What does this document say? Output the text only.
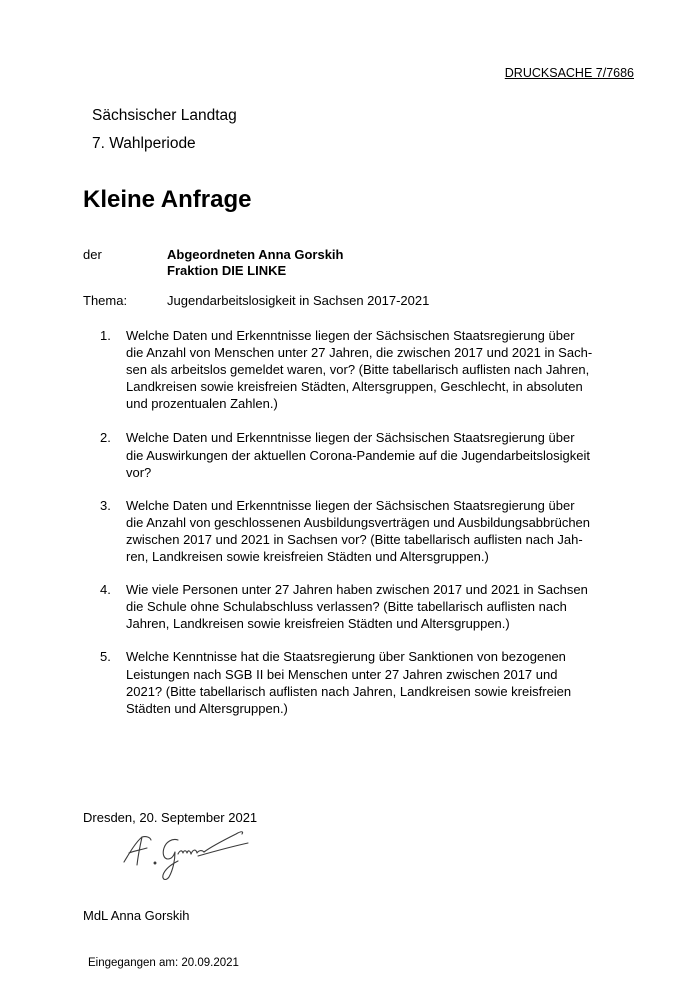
DRUCKSACHE 7/7686
Sächsischer Landtag
7. Wahlperiode
Kleine Anfrage
der	Abgeordneten Anna Gorskih
Fraktion DIE LINKE
Thema:	Jugendarbeitslosigkeit in Sachsen 2017-2021
1.	Welche Daten und Erkenntnisse liegen der Sächsischen Staatsregierung über
die Anzahl von Menschen unter 27 Jahren, die zwischen 2017 und 2021 in Sach-
sen als arbeitslos gemeldet waren, vor? (Bitte tabellarisch auflisten nach Jahren,
Landkreisen sowie kreisfreien Städten, Altersgruppen, Geschlecht, in absoluten
und prozentualen Zahlen.)
2.	Welche Daten und Erkenntnisse liegen der Sächsischen Staatsregierung über
die Auswirkungen der aktuellen Corona-Pandemie auf die Jugendarbeitslosigkeit
vor?
3.	Welche Daten und Erkenntnisse liegen der Sächsischen Staatsregierung über
die Anzahl von geschlossenen Ausbildungsverträgen und Ausbildungsabbrüchen
zwischen 2017 und 2021 in Sachsen vor? (Bitte tabellarisch auflisten nach Jah-
ren, Landkreisen sowie kreisfreien Städten und Altersgruppen.)
4.	Wie viele Personen unter 27 Jahren haben zwischen 2017 und 2021 in Sachsen
die Schule ohne Schulabschluss verlassen? (Bitte tabellarisch auflisten nach
Jahren, Landkreisen sowie kreisfreien Städten und Altersgruppen.)
5.	Welche Kenntnisse hat die Staatsregierung über Sanktionen von bezogenen
Leistungen nach SGB II bei Menschen unter 27 Jahren zwischen 2017 und
2021? (Bitte tabellarisch auflisten nach Jahren, Landkreisen sowie kreisfreien
Städten und Altersgruppen.)
Dresden, 20. September 2021
MdL Anna Gorskih
Eingegangen am: 20.09.2021
